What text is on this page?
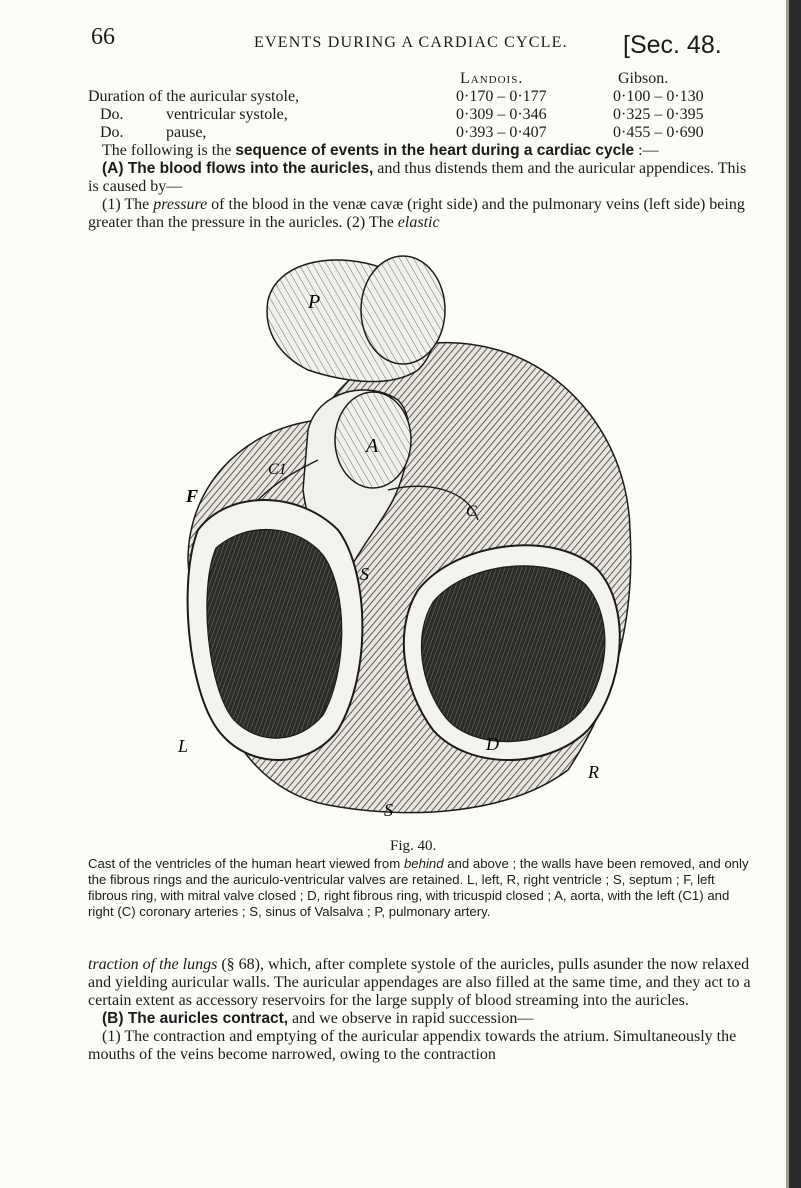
66	EVENTS DURING A CARDIAC CYCLE. [Sec. 48.
Landois.	Gibson.
Duration of the auricular systole,	0·170 – 0·177	0·100 – 0·130
Do.	ventricular systole,	0·309 – 0·346	0·325 – 0·395
Do.	pause,	0·393 – 0·407	0·455 – 0·690
The following is the sequence of events in the heart during a cardiac cycle :—
(A) The blood flows into the auricles, and thus distends them and the auricular appendices. This is caused by—
(1) The pressure of the blood in the venæ cavæ (right side) and the pulmonary veins (left side) being greater than the pressure in the auricles. (2) The elastic
P
A
C1
C
F
S
L	D
R
S
Fig. 40.
Cast of the ventricles of the human heart viewed from behind and above ; the walls have been removed, and only the fibrous rings and the auriculo-ventricular valves are retained. L, left, R, right ventricle ; S, septum ; F, left fibrous ring, with mitral valve closed ; D, right fibrous ring, with tricuspid closed ; A, aorta, with the left (C1) and right (C) coronary arteries ; S, sinus of Valsalva ; P, pulmonary artery.
traction of the lungs (§ 68), which, after complete systole of the auricles, pulls asunder the now relaxed and yielding auricular walls. The auricular appendages are also filled at the same time, and they act to a certain extent as accessory reservoirs for the large supply of blood streaming into the auricles.
(B) The auricles contract, and we observe in rapid succession—
(1) The contraction and emptying of the auricular appendix towards the atrium. Simultaneously the mouths of the veins become narrowed, owing to the contraction
